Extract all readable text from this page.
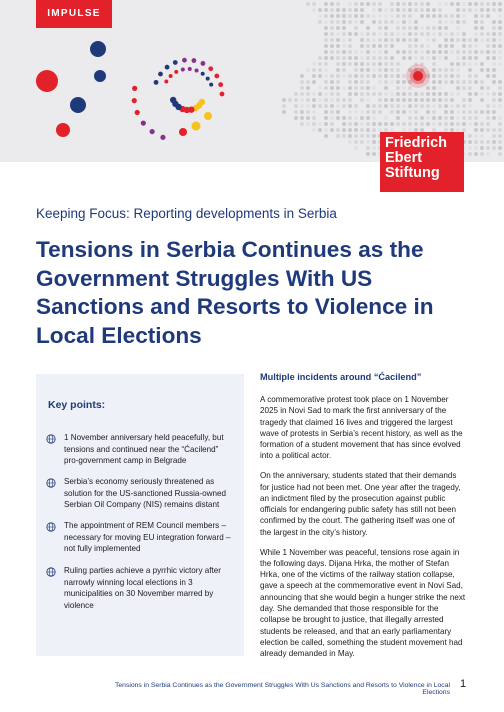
IMPULSE
Friedrich
Ebert
Stiftung
Keeping Focus: Reporting developments in Serbia
Tensions in Serbia Continues as the Government Struggles With US Sanctions and Resorts to Violence in Local Elections
Key points:
1 November anniversary held peacefully, but tensions and continued near the “Ćacilend” pro-government camp in Belgrade
Serbia’s economy seriously threatened as solution for the US-sanctioned Russia-owned Serbian Oil Company (NIS) remains distant
The appointment of REM Council members – necessary for moving EU integration forward – not fully implemented
Ruling parties achieve a pyrrhic victory after narrowly winning local elections in 3 municipalities on 30 November marred by violence
Multiple incidents around “Ćacilend”

A commemorative protest took place on 1 November 2025 in Novi Sad to mark the first anniversary of the tragedy that claimed 16 lives and triggered the largest wave of protests in Serbia’s recent history, as well as the formation of a student movement that has since evolved into a political actor.

On the anniversary, students stated that their demands for justice had not been met. One year after the tragedy, an indictment filed by the prosecution against public officials for endangering public safety has still not been confirmed by the court. The gathering itself was one of the largest in the city’s history.

While 1 November was peaceful, tensions rose again in the following days. Dijana Hrka, the mother of Stefan Hrka, one of the victims of the railway station collapse, gave a speech at the commemorative event in Novi Sad, announcing that she would begin a hunger strike the next day. She demanded that those responsible for the collapse be brought to justice, that illegally arrested students be released, and that an early parliamentary election be called, something the student movement had already demanded in May.

Tensions in Serbia Continues as the Government Struggles With Us Sanctions and Resorts to Violence in Local Elections
1
